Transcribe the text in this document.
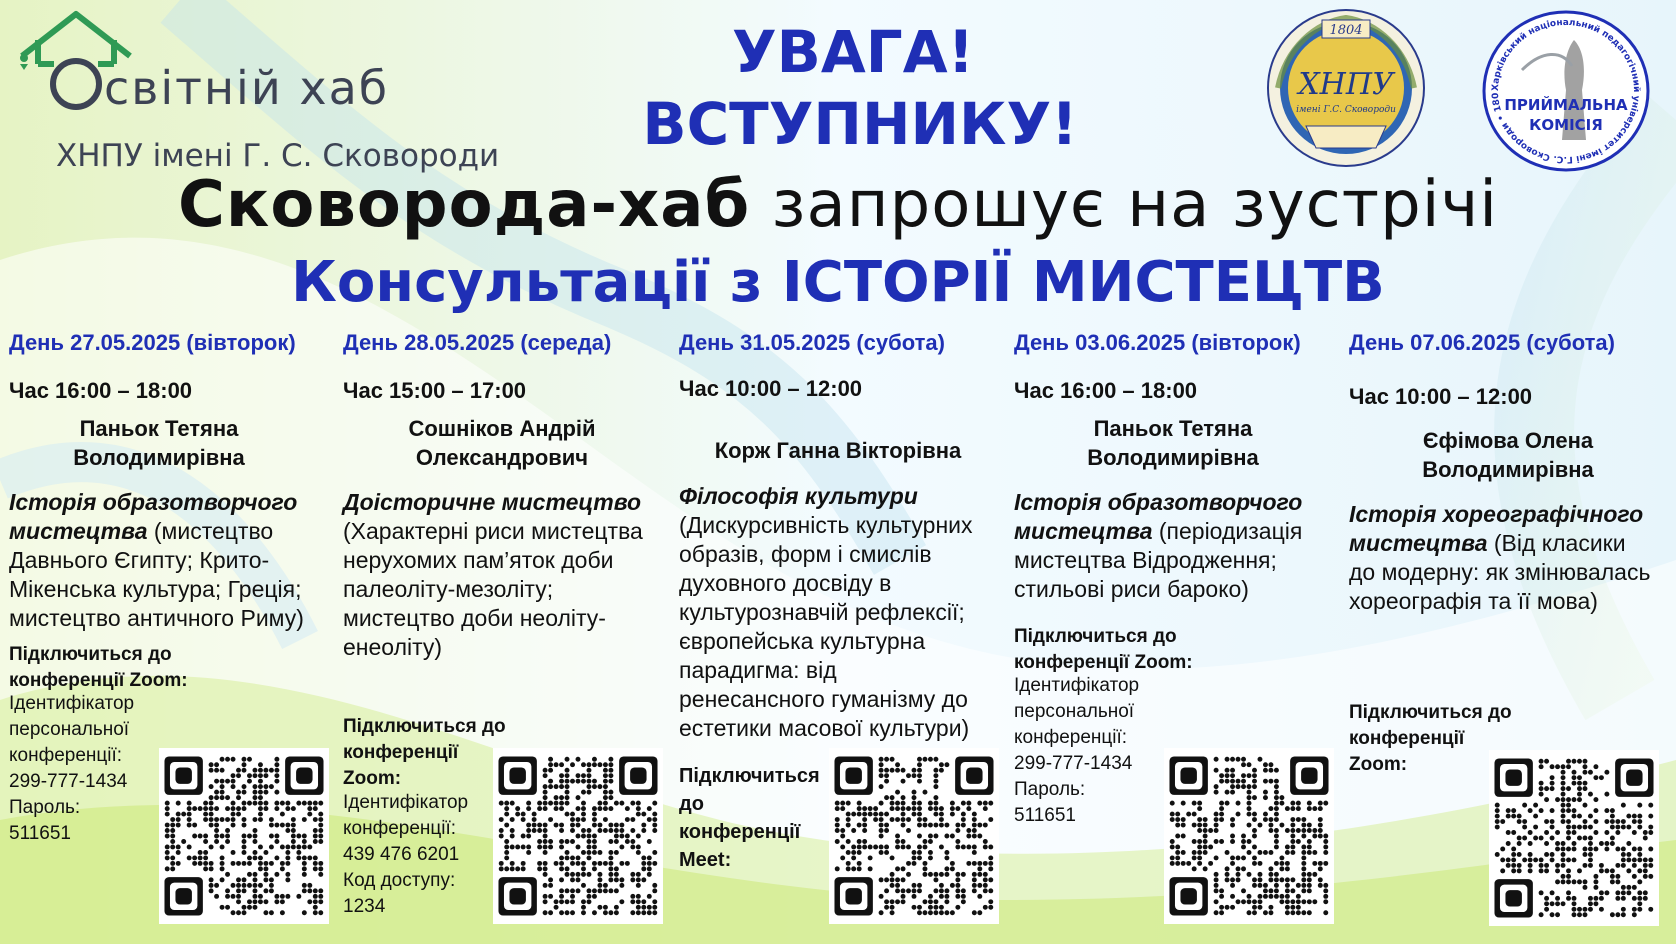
світній хаб
ХНПУ імені Г. С. Сковороди
УВАГА!
ВСТУПНИКУ!
Сковорода-хаб запрошує на зустрічі
Консультації з ІСТОРІЇ МИСТЕЦТВ
1804
ХНПУ
імені Г.С. Сковороди
Харківський національний педагогічний університет імені Г.С. Сковороди • 180
ПРИЙМАЛЬНА
КОМІСІЯ
День 27.05.2025 (вівторок)
Час 16:00 – 18:00
Паньок Тетяна
Володимирівна
Історія образотворчого
мистецтва (мистецтво
Давнього Єгипту; Крито-
Мікенська культура; Греція;
мистецтво античного Риму)
Підключиться до
конференції Zoom:
Ідентифікатор
персональної
конференції:
299-777-1434
Пароль:
511651
День 28.05.2025 (середа)
Час 15:00 – 17:00
Сошніков Андрій
Олександрович
Доісторичне мистецтво
(Характерні риси мистецтва
нерухомих пам’яток доби
палеоліту-мезоліту;
мистецтво доби неоліту-
енеоліту)
Підключиться до
конференції
Zoom:
Ідентифікатор
конференції:
439 476 6201
Код доступу:
1234
День 31.05.2025 (субота)
Час 10:00 – 12:00
Корж Ганна Вікторівна
Філософія культури
(Дискурсивність культурних
образів, форм і смислів
духовного досвіду в
культурознавчій рефлексії;
європейська культурна
парадигма: від
ренесансного гуманізму до
естетики масової культури)
Підключиться
до
конференції
Meet:
День 03.06.2025 (вівторок)
Час 16:00 – 18:00
Паньок Тетяна
Володимирівна
Історія образотворчого
мистецтва (періодизація
мистецтва Відродження;
стильові риси бароко)
Підключиться до
конференції Zoom:
Ідентифікатор
персональної
конференції:
299-777-1434
Пароль:
511651
День 07.06.2025 (субота)
Час 10:00 – 12:00
Єфімова Олена
Володимирівна
Історія хореографічного
мистецтва (Від класики
до модерну: як змінювалась
хореографія та її мова)
Підключиться до
конференції
Zoom:
